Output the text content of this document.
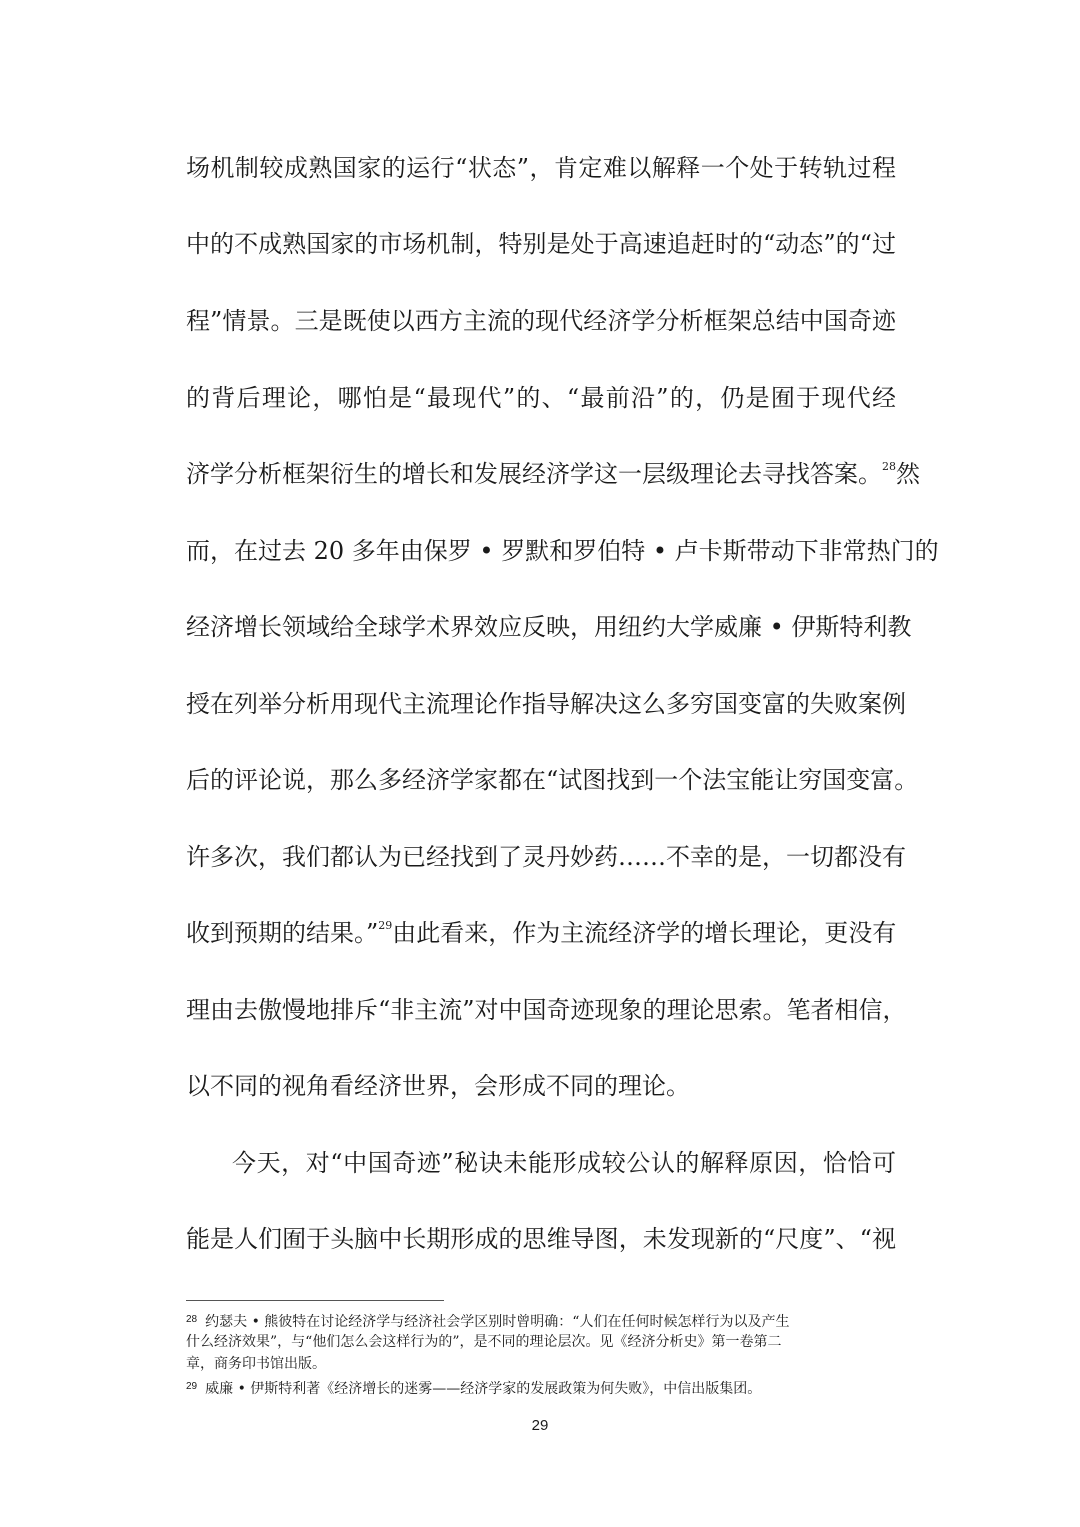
场机制较成熟国家的运行“状态”，肯定难以解释一个处于转轨过程
中的不成熟国家的市场机制，特别是处于高速追赶时的“动态”的“过
程”情景。三是既使以西方主流的现代经济学分析框架总结中国奇迹
的背后理论，哪怕是“最现代”的、“最前沿”的，仍是囿于现代经
济学分析框架衍生的增长和发展经济学这一层级理论去寻找答案。$^{28}$然
而，在过去 20 多年由保罗 • 罗默和罗伯特 • 卢卡斯带动下非常热门的
经济增长领域给全球学术界效应反映，用纽约大学威廉 • 伊斯特利教
授在列举分析用现代主流理论作指导解决这么多穷国变富的失败案例
后的评论说，那么多经济学家都在“试图找到一个法宝能让穷国变富。
许多次，我们都认为已经找到了灵丹妙药……不幸的是，一切都没有
收到预期的结果。”$^{29}$由此看来，作为主流经济学的增长理论，更没有
理由去傲慢地排斥“非主流”对中国奇迹现象的理论思索。笔者相信，
以不同的视角看经济世界，会形成不同的理论。
今天，对“中国奇迹”秘诀未能形成较公认的解释原因，恰恰可
能是人们囿于头脑中长期形成的思维导图，未发现新的“尺度”、“视
$^{28}$ 约瑟夫 • 熊彼特在讨论经济学与经济社会学区别时曾明确：“人们在任何时候怎样行为以及产生
什么经济效果”，与“他们怎么会这样行为的”，是不同的理论层次。见《经济分析史》第一卷第二
章，商务印书馆出版。
$^{29}$ 威廉 • 伊斯特利著《经济增长的迷雾——经济学家的发展政策为何失败》，中信出版集团。
29
